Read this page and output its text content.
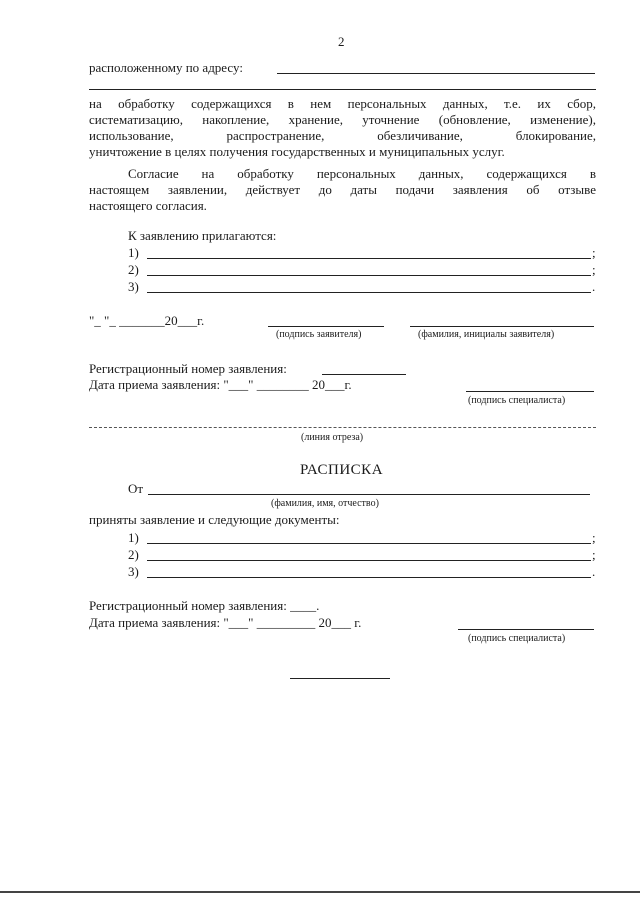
2
расположенному по адресу:
на обработку содержащихся в нем персональных данных, т.е. их сбор,
систематизацию, накопление, хранение, уточнение (обновление, изменение),
использование, распространение, обезличивание, блокирование,
уничтожение в целях получения государственных и муниципальных услуг.
Согласие на обработку персональных данных, содержащихся в
настоящем заявлении, действует до даты подачи заявления об отзыве
настоящего согласия.
К заявлению прилагаются:
1)	;
2)	;
3)	.
"_ "_ _______20___г.
(подпись заявителя)	(фамилия, инициалы заявителя)
Регистрационный номер заявления:
Дата приема заявления: "___" ________ 20___г.
(подпись специалиста)
(линия отреза)
РАСПИСКА
От
(фамилия, имя, отчество)
приняты заявление и следующие документы:
1)	;
2)	;
3)	.
Регистрационный номер заявления: ____.
Дата приема заявления: "___" _________ 20___ г.
(подпись специалиста)
